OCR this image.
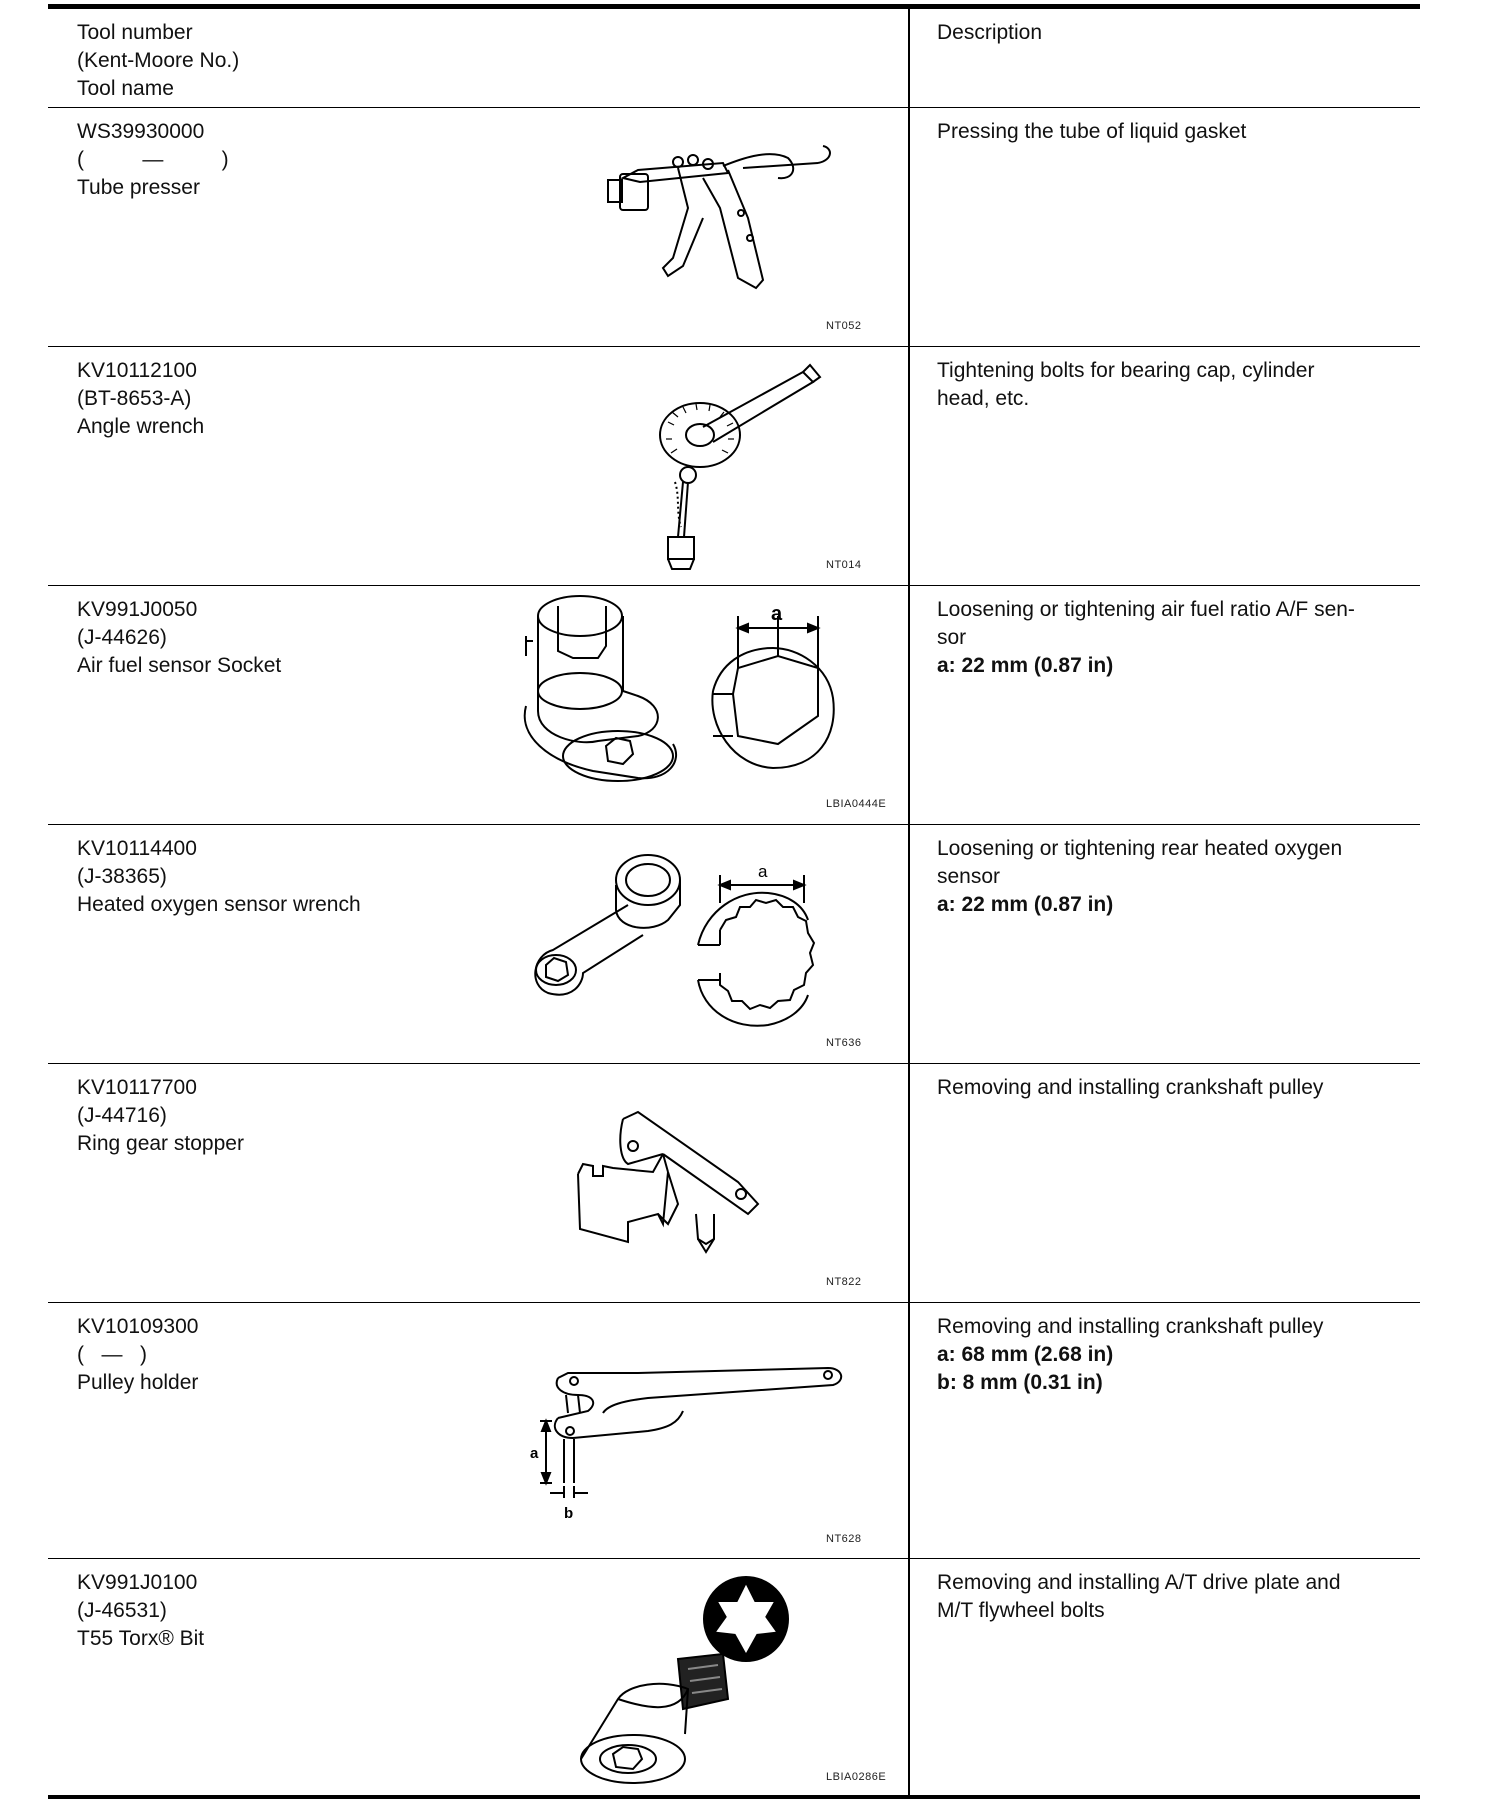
Tool number
(Kent-Moore No.)
Tool name
Description
WS39930000
(          —          )
Tube presser
NT052
Pressing the tube of liquid gasket
KV10112100
(BT-8653-A)
Angle wrench
NT014
Tightening bolts for bearing cap, cylinder
head, etc.
KV991J0050
(J-44626)
Air fuel sensor Socket
a
LBIA0444E
Loosening or tightening air fuel ratio A/F sen-
sor
a: 22 mm (0.87 in)
KV10114400
(J-38365)
Heated oxygen sensor wrench
a
NT636
Loosening or tightening rear heated oxygen
sensor
a: 22 mm (0.87 in)
KV10117700
(J-44716)
Ring gear stopper
NT822
Removing and installing crankshaft pulley
KV10109300
(   —   )
Pulley holder
a
b
NT628
Removing and installing crankshaft pulley
a: 68 mm (2.68 in)
b: 8 mm (0.31 in)
KV991J0100
(J-46531)
T55 Torx® Bit
LBIA0286E
Removing and installing A/T drive plate and
M/T flywheel bolts
